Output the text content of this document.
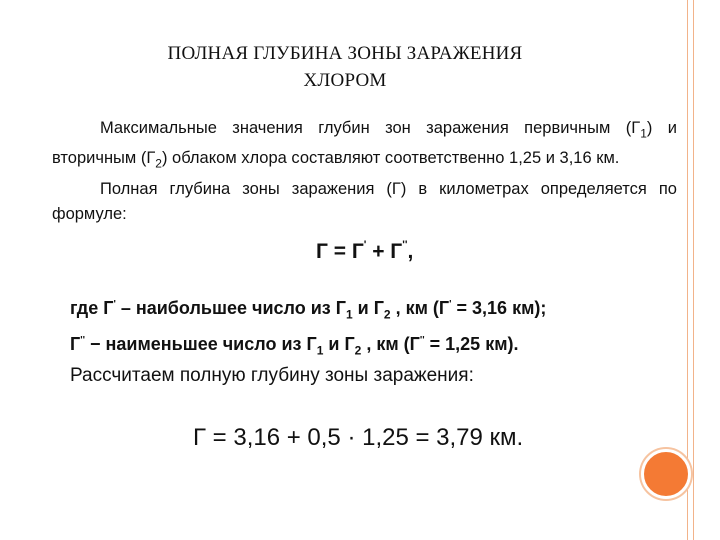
ПОЛНАЯ ГЛУБИНА ЗОНЫ ЗАРАЖЕНИЯ
ХЛОРОМ

Максимальные значения глубин зон заражения первичным $(Г_1)$ и вторичным $(Г_2)$ облаком хлора составляют соответственно 1,25 и 3,16 км.

Полная глубина зоны заражения (Г) в километрах определяется по формуле:

Г = Г' + Г'',

где Г' – наибольшее число из $Г_1$ и $Г_2$ , км (Г' = 3,16 км);

Г'' − наименьшее число из $Г_1$ и $Г_2$ , км (Г'' = 1,25 км).

Рассчитаем полную глубину зоны заражения:

Г = 3,16 + 0,5 · 1,25 = 3,79 км.
